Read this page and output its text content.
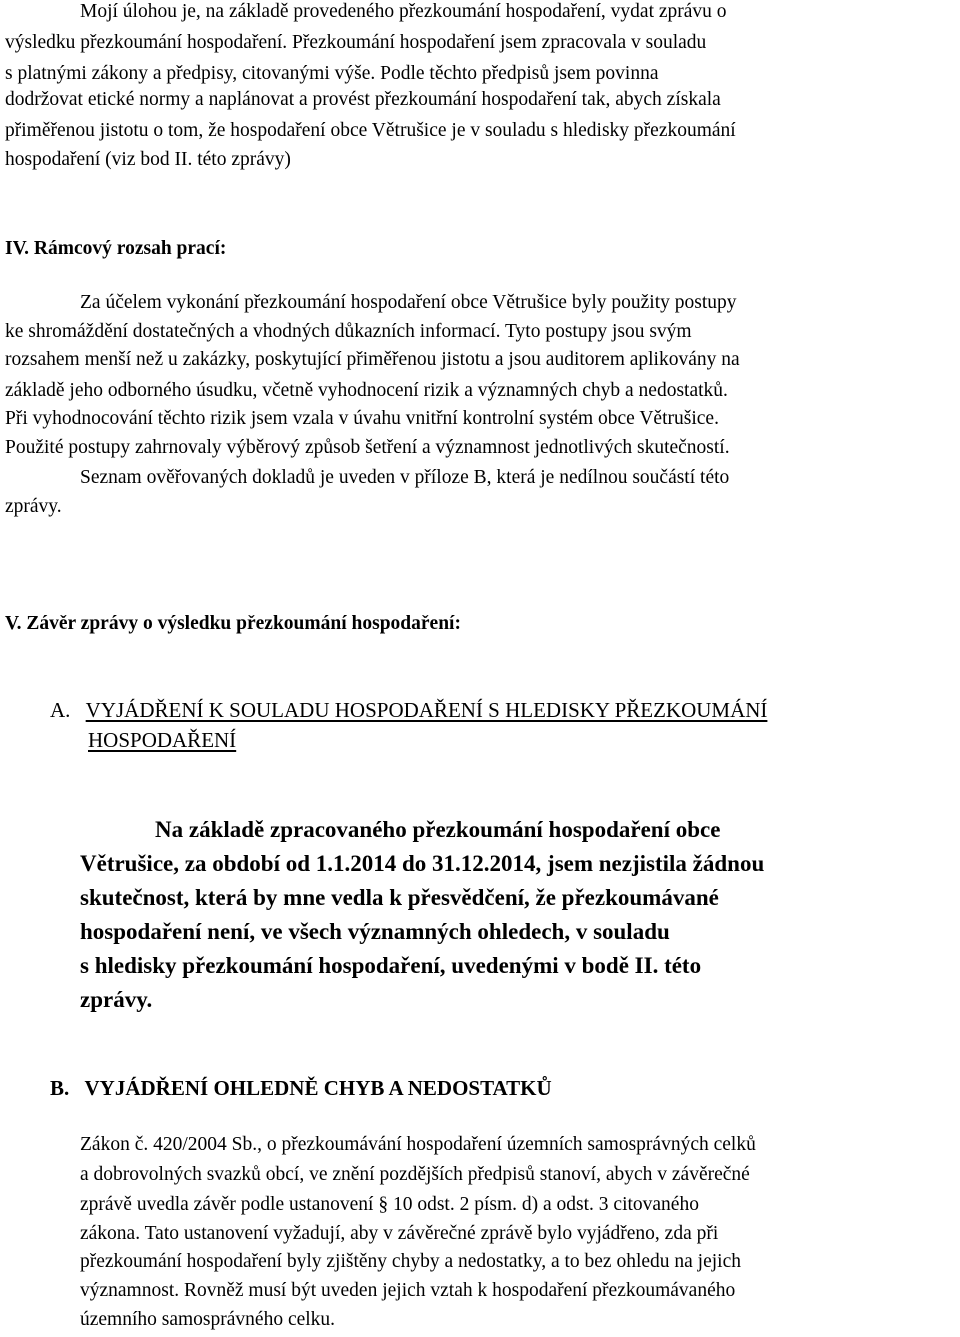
Mojí úlohou je, na základě provedeného přezkoumání hospodaření, vydat zprávu o
výsledku přezkoumání hospodaření. Přezkoumání hospodaření jsem zpracovala v souladu
s platnými zákony a předpisy, citovanými výše. Podle těchto předpisů jsem povinna
dodržovat etické normy a naplánovat a provést přezkoumání hospodaření tak, abych získala
přiměřenou jistotu o tom, že hospodaření obce Větrušice je v souladu s hledisky přezkoumání
hospodaření (viz bod II. této zprávy)
IV. Rámcový rozsah prací:
Za účelem vykonání přezkoumání hospodaření obce Větrušice byly použity postupy
ke shromáždění dostatečných a vhodných důkazních informací. Tyto postupy jsou svým
rozsahem menší než u zakázky, poskytující přiměřenou jistotu a jsou auditorem aplikovány na
základě jeho odborného úsudku, včetně vyhodnocení rizik a významných chyb a nedostatků.
Při vyhodnocování těchto rizik jsem vzala v úvahu vnitřní kontrolní systém obce Větrušice.
Použité postupy zahrnovaly výběrový způsob šetření a významnost jednotlivých skutečností.
Seznam ověřovaných dokladů je uveden v příloze B, která je nedílnou součástí této
zprávy.
V. Závěr zprávy o výsledku přezkoumání hospodaření:
A. VYJÁDŘENÍ K SOULADU HOSPODAŘENÍ S HLEDISKY PŘEZKOUMÁNÍ
HOSPODAŘENÍ
Na základě zpracovaného přezkoumání hospodaření obce
Větrušice, za období od 1.1.2014 do 31.12.2014, jsem nezjistila žádnou
skutečnost, která by mne vedla k přesvědčení, že přezkoumávané
hospodaření není, ve všech významných ohledech, v souladu
s hledisky přezkoumání hospodaření, uvedenými v bodě II. této
zprávy.
B. VYJÁDŘENÍ OHLEDNĚ CHYB A NEDOSTATKŮ
Zákon č. 420/2004 Sb., o přezkoumávání hospodaření územních samosprávných celků
a dobrovolných svazků obcí, ve znění pozdějších předpisů stanoví, abych v závěrečné
zprávě uvedla závěr podle ustanovení § 10 odst. 2 písm. d) a odst. 3 citovaného
zákona. Tato ustanovení vyžadují, aby v závěrečné zprávě bylo vyjádřeno, zda při
přezkoumání hospodaření byly zjištěny chyby a nedostatky, a to bez ohledu na jejich
významnost. Rovněž musí být uveden jejich vztah k hospodaření přezkoumávaného
územního samosprávného celku.
